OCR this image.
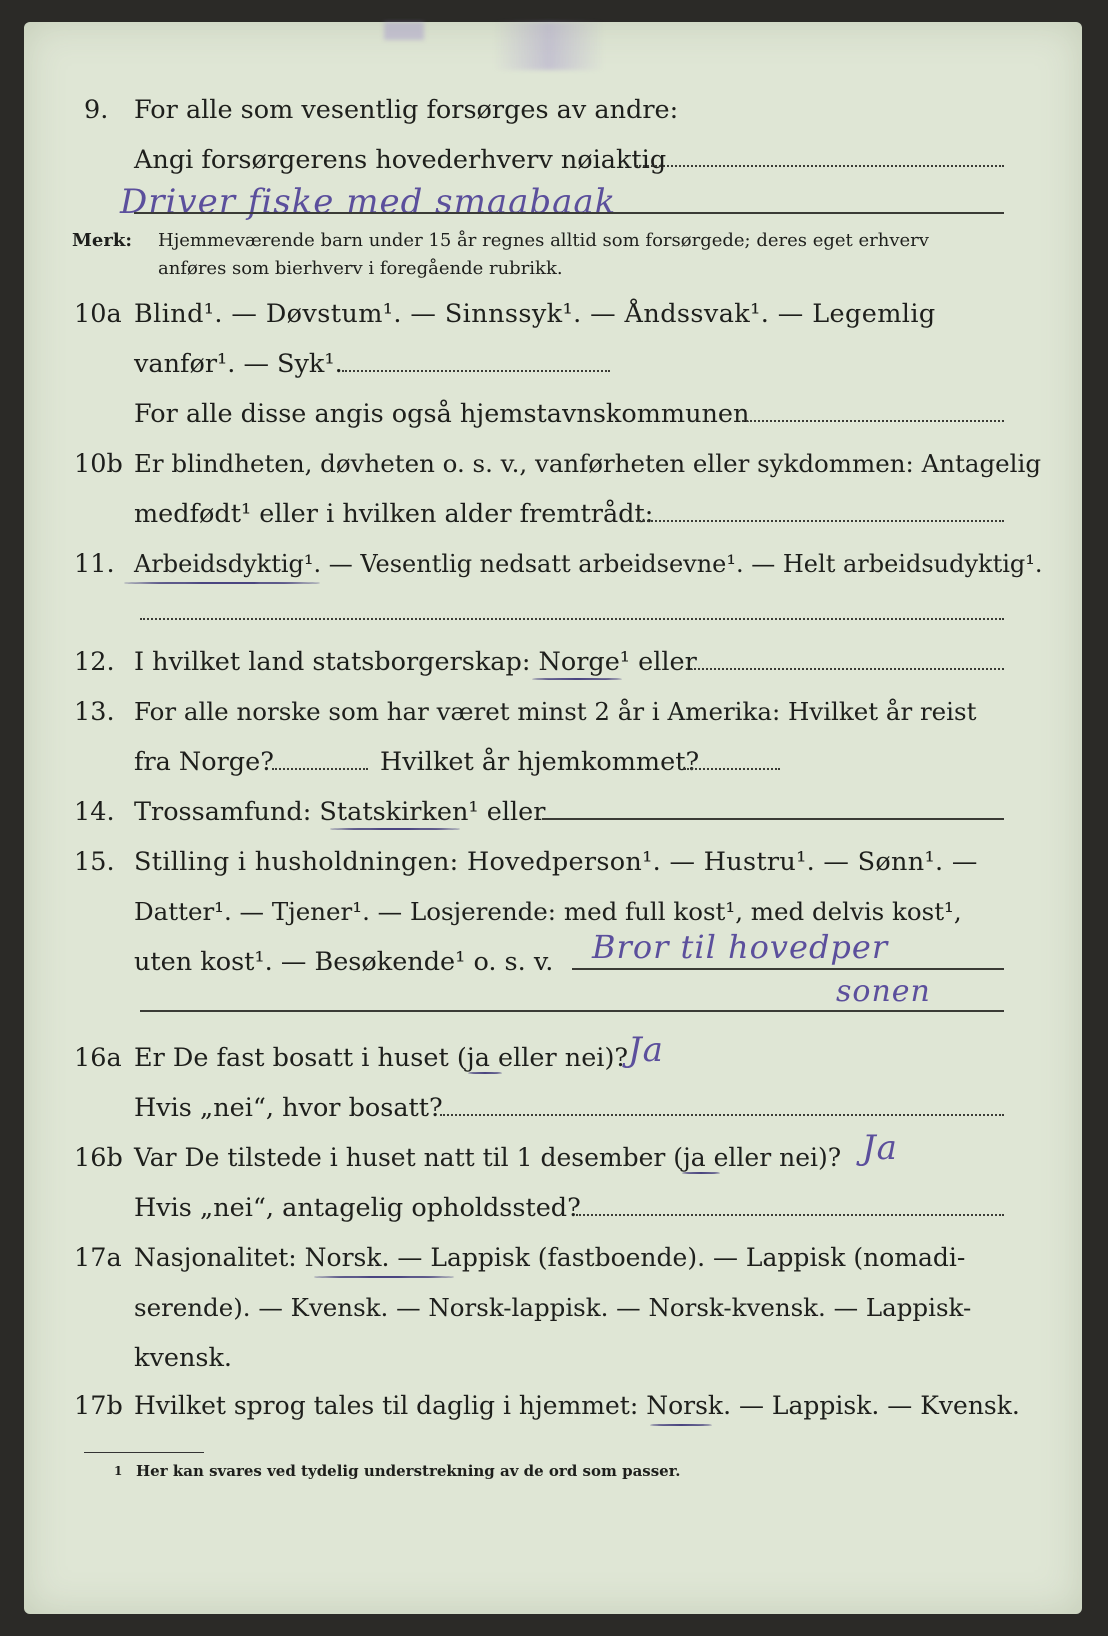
9. For alle som vesentlig forsørges av andre:
Angi forsørgerens hovederhverv nøiaktig
Driver fiske med smaabaak
Merk: Hjemmeværende barn under 15 år regnes alltid som forsørgede; deres eget erhverv
anføres som bierhverv i foregående rubrikk.
10a Blind¹. — Døvstum¹. — Sinnssyk¹. — Åndssvak¹. — Legemlig
vanfør¹. — Syk¹.
For alle disse angis også hjemstavnskommunen
10b Er blindheten, døvheten o. s. v., vanførheten eller sykdommen: Antagelig
medfødt¹ eller i hvilken alder fremtrådt:
11. Arbeidsdyktig¹. — Vesentlig nedsatt arbeidsevne¹. — Helt arbeidsudyktig¹.
12. I hvilket land statsborgerskap: Norge¹ eller
13. For alle norske som har været minst 2 år i Amerika: Hvilket år reist
fra Norge?	Hvilket år hjemkommet?
14. Trossamfund: Statskirken¹ eller
15. Stilling i husholdningen: Hovedperson¹. — Hustru¹. — Sønn¹. —
Datter¹. — Tjener¹. — Losjerende: med full kost¹, med delvis kost¹,
uten kost¹. — Besøkende¹ o. s. v. Bror til hovedper
sonen
16a Er De fast bosatt i huset (ja eller nei)? Ja
Hvis „nei“, hvor bosatt?
16b Var De tilstede i huset natt til 1 desember (ja eller nei)? Ja
Hvis „nei“, antagelig opholdssted?
17a Nasjonalitet: Norsk. — Lappisk (fastboende). — Lappisk (nomadi-
serende). — Kvensk. — Norsk-lappisk. — Norsk-kvensk. — Lappisk-
kvensk.
17b Hvilket sprog tales til daglig i hjemmet: Norsk. — Lappisk. — Kvensk.
1 Her kan svares ved tydelig understrekning av de ord som passer.
